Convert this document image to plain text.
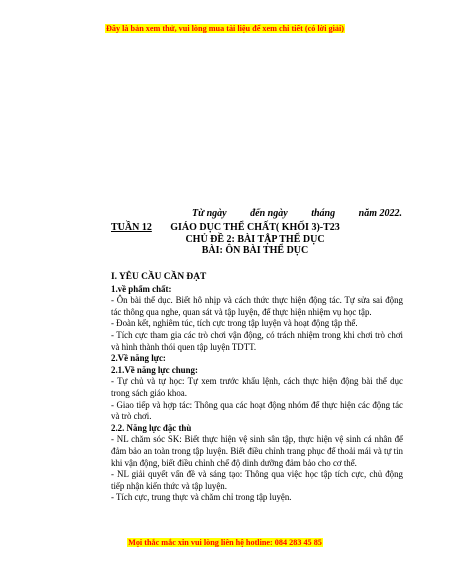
Đây là bản xem thử, vui lòng mua tài liệu để xem chi tiết (có lời giải)
Từ ngày đến ngày tháng năm 2022.
TUẦN 12	GIÁO DỤC THỂ CHẤT( KHỐI 3)-T23
CHỦ ĐỀ 2: BÀI TẬP THỂ DỤC
BÀI: ÔN BÀI THỂ DỤC

I. YÊU CẦU CẦN ĐẠT

1.về phẩm chất:

- Ôn bài thể dục. Biết hô nhịp và cách thức thực hiện động tác. Tự sửa sai động tác thông qua nghe, quan sát và tập luyện, để thực hiện nhiệm vụ học tập.

- Đoàn kết, nghiêm túc, tích cực trong tập luyện và hoạt động tập thể.

- Tích cực tham gia các trò chơi vận động, có trách nhiệm trong khi chơi trò chơi và hình thành thói quen tập luyện TDTT.

2.Về năng lực:

2.1.Về năng lực chung:

- Tự chủ và tự học: Tự xem trước khẩu lệnh, cách thực hiện động bài thể dục trong sách giáo khoa.

- Giao tiếp và hợp tác: Thông qua các hoạt động nhóm để thực hiện các động tác và trò chơi.

2.2. Năng lực đặc thù

- NL chăm sóc SK: Biết thực hiện vệ sinh sân tập, thực hiện vệ sinh cá nhân để đảm bảo an toàn trong tập luyện. Biết điều chỉnh trang phục để thoải mái và tự tin khi vận động, biết điều chỉnh chế độ dinh dưỡng đảm bảo cho cơ thể.

- NL giải quyết vấn đề và sáng tạo: Thông qua việc học tập tích cực, chủ động tiếp nhận kiến thức và tập luyện.

- Tích cực, trung thực và chăm chỉ trong tập luyện.

Mọi thắc mắc xin vui lòng liên hệ hotline: 084 283 45 85
